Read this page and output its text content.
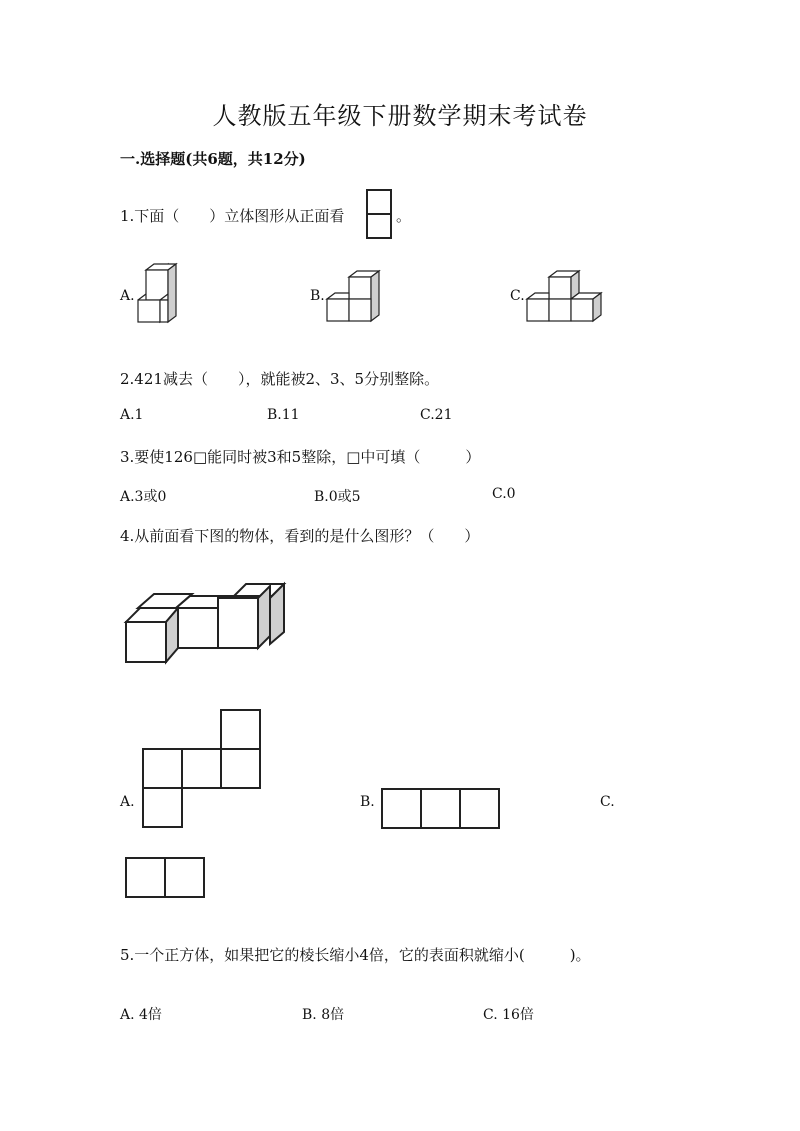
人教版五年级下册数学期末考试卷
一.选择题(共6题，共12分)
1.下面（　　）立体图形从正面看	。
A.	B.	C.
2.421减去（　　），就能被2、3、5分别整除。
A.1	B.11	C.21
3.要使126□能同时被3和5整除，□中可填（　　　）
A.3或0	B.0或5	C.0
4.从前面看下图的物体，看到的是什么图形？（　　）
A.	B.	C.
5.一个正方体，如果把它的棱长缩小4倍，它的表面积就缩小(　　　)。
A. 4倍	B. 8倍	C. 16倍
